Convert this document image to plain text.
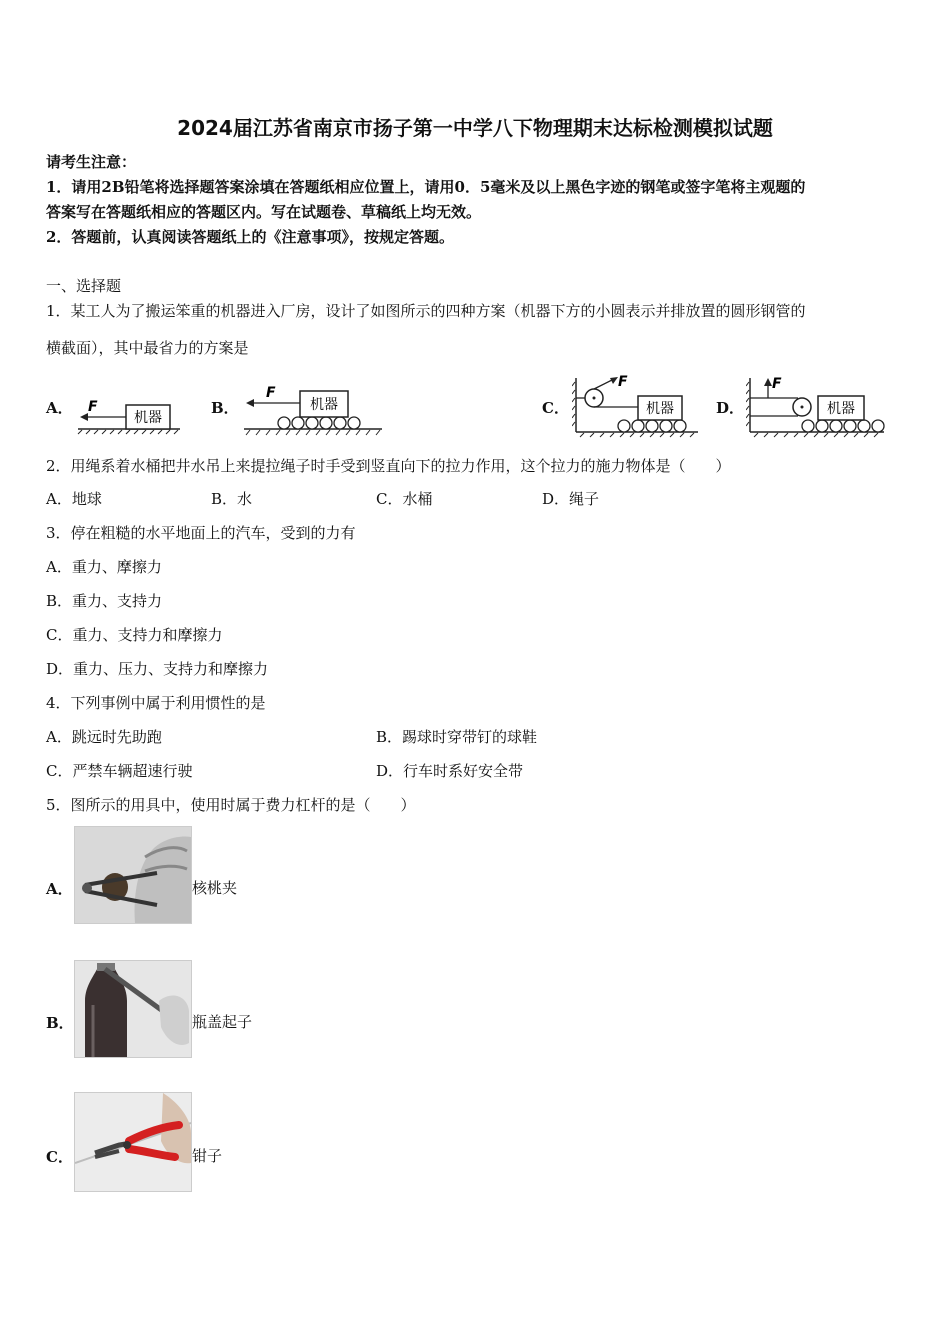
2024届江苏省南京市扬子第一中学八下物理期末达标检测模拟试题
请考生注意：
1．请用2B铅笔将选择题答案涂填在答题纸相应位置上，请用0．5毫米及以上黑色字迹的钢笔或签字笔将主观题的
答案写在答题纸相应的答题区内。写在试题卷、草稿纸上均无效。
2．答题前，认真阅读答题纸上的《注意事项》，按规定答题。
一、选择题
1．某工人为了搬运笨重的机器进入厂房，设计了如图所示的四种方案（机器下方的小圆表示并排放置的圆形钢管的
横截面），其中最省力的方案是
A．	B．	C．	D．
机器
F	机器
F
F
机器
F
机器
2．用绳系着水桶把井水吊上来提拉绳子时手受到竖直向下的拉力作用，这个拉力的施力物体是（　　）
A．地球	B．水	C．水桶	D．绳子
3．停在粗糙的水平地面上的汽车，受到的力有
A．重力、摩擦力
B．重力、支持力
C．重力、支持力和摩擦力
D．重力、压力、支持力和摩擦力
4．下列事例中属于利用惯性的是
A．跳远时先助跑	B．踢球时穿带钉的球鞋
C．严禁车辆超速行驶	D．行车时系好安全带
5．图所示的用具中，使用时属于费力杠杆的是（　　）
A．	核桃夹
B．	瓶盖起子
C．	钳子
